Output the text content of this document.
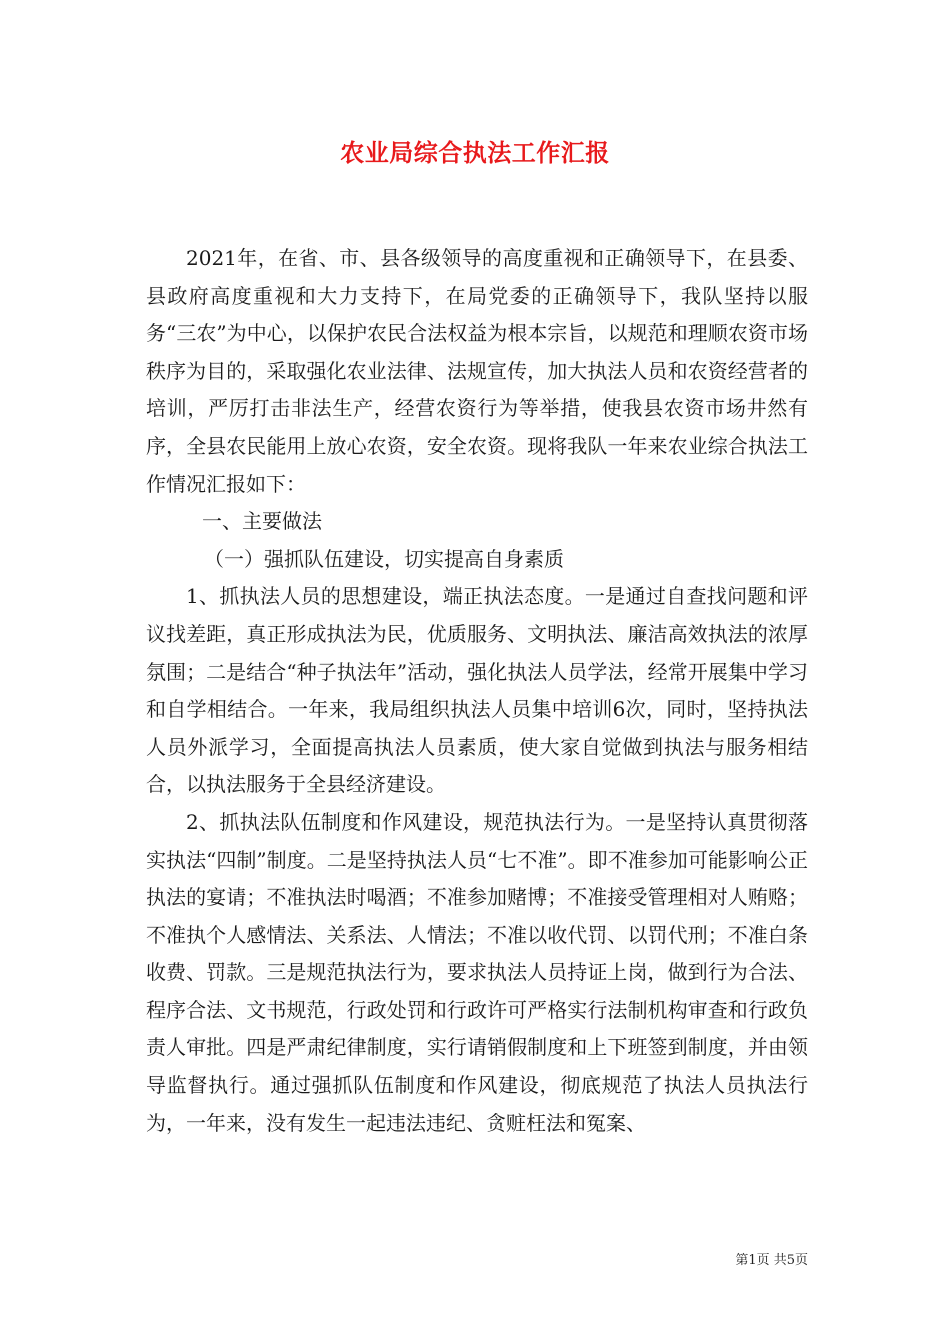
农业局综合执法工作汇报

2021年，在省、市、县各级领导的高度重视和正确领导下，在县委、县政府高度重视和大力支持下，在局党委的正确领导下，我队坚持以服务“三农”为中心，以保护农民合法权益为根本宗旨，以规范和理顺农资市场秩序为目的，采取强化农业法律、法规宣传，加大执法人员和农资经营者的培训，严厉打击非法生产，经营农资行为等举措，使我县农资市场井然有序，全县农民能用上放心农资，安全农资。现将我队一年来农业综合执法工作情况汇报如下：

一、主要做法

（一）强抓队伍建设，切实提高自身素质

1、抓执法人员的思想建设，端正执法态度。一是通过自查找问题和评议找差距，真正形成执法为民，优质服务、文明执法、廉洁高效执法的浓厚氛围；二是结合“种子执法年”活动，强化执法人员学法，经常开展集中学习和自学相结合。一年来，我局组织执法人员集中培训6次，同时，坚持执法人员外派学习，全面提高执法人员素质，使大家自觉做到执法与服务相结合，以执法服务于全县经济建设。

2、抓执法队伍制度和作风建设，规范执法行为。一是坚持认真贯彻落实执法“四制”制度。二是坚持执法人员“七不准”。即不准参加可能影响公正执法的宴请；不准执法时喝酒；不准参加赌博；不准接受管理相对人贿赂；不准执个人感情法、关系法、人情法；不准以收代罚、以罚代刑；不准白条收费、罚款。三是规范执法行为，要求执法人员持证上岗，做到行为合法、程序合法、文书规范，行政处罚和行政许可严格实行法制机构审查和行政负责人审批。四是严肃纪律制度，实行请销假制度和上下班签到制度，并由领导监督执行。通过强抓队伍制度和作风建设，彻底规范了执法人员执法行为，一年来，没有发生一起违法违纪、贪赃枉法和冤案、

第1页 共5页
